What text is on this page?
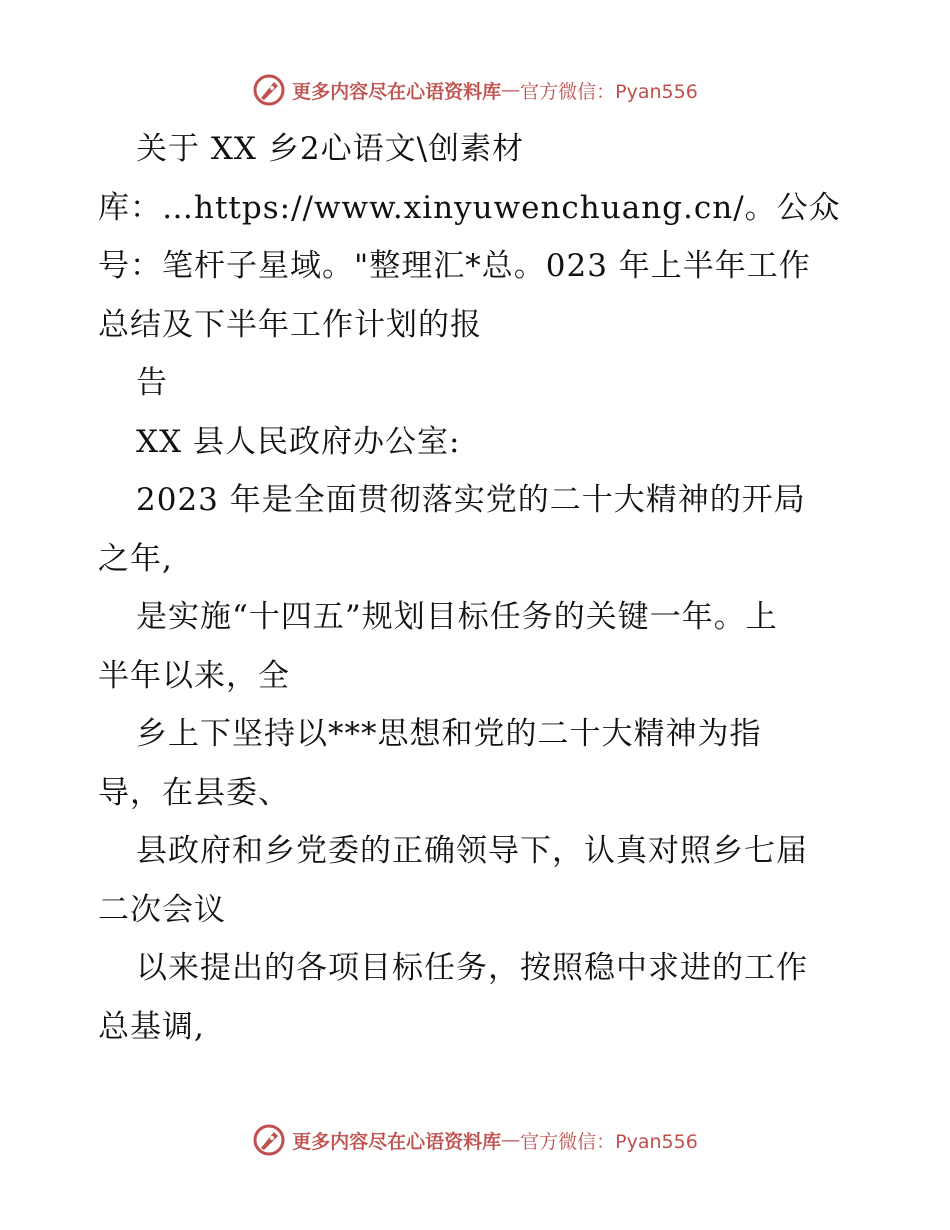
更多内容尽在心语资料库 — 官方微信：Pyan556
关于 XX 乡2心语文\创素材
库：…https://www.xinyuwenchuang.cn/。公众
号：笔杆子星域。"整理汇*总。023 年上半年工作
总结及下半年工作计划的报
告
XX 县人民政府办公室:
2023 年是全面贯彻落实党的二十大精神的开局
之年,
是实施“十四五”规划目标任务的关键一年。上
半年以来，全
乡上下坚持以***思想和党的二十大精神为指
导，在县委、
县政府和乡党委的正确领导下，认真对照乡七届
二次会议
以来提出的各项目标任务，按照稳中求进的工作
总基调,
更多内容尽在心语资料库 — 官方微信：Pyan556
